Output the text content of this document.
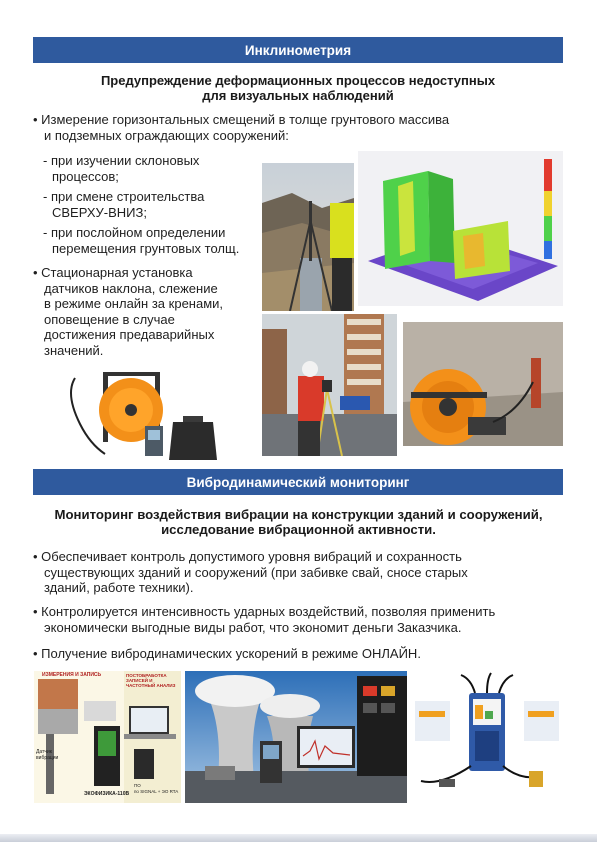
Инклинометрия
Предупреждение деформационных процессов недоступных
для визуальных наблюдений
• Измерение горизонтальных смещений в толще грунтового массива
и подземных ограждающих сооружений:
- при изучении склоновых
процессов;
- при смене строительства
СВЕРХУ-ВНИЗ;
- при послойном определении
перемещения грунтовых толщ.
• Стационарная установка
датчиков наклона, слежение
в режиме онлайн за кренами,
оповещение в случае
достижения предаварийных
значений.
Вибродинамический мониторинг
Мониторинг воздействия вибрации на конструкции зданий и сооружений,
исследование вибрационной активности.
• Обеспечивает контроль допустимого уровня вибраций и сохранность
существующих зданий и сооружений (при забивке свай, сносе старых
зданий, работе техники).
• Контролируется интенсивность ударных воздействий, позволяя применить
экономически выгодные виды работ, что экономит деньги Заказчика.
• Получение вибродинамических ускорений в режиме ОНЛАЙН.
ИЗМЕРЕНИЯ И ЗАПИСЬ	ПОСТОБРАБОТКА ЗАПИСЕЙ И ЧАСТОТНЫЙ АНАЛИЗ
Датчик вибрации
ЭКОФИЗИКА-110В
ПО
по SIGNAL + ЭО RTA
